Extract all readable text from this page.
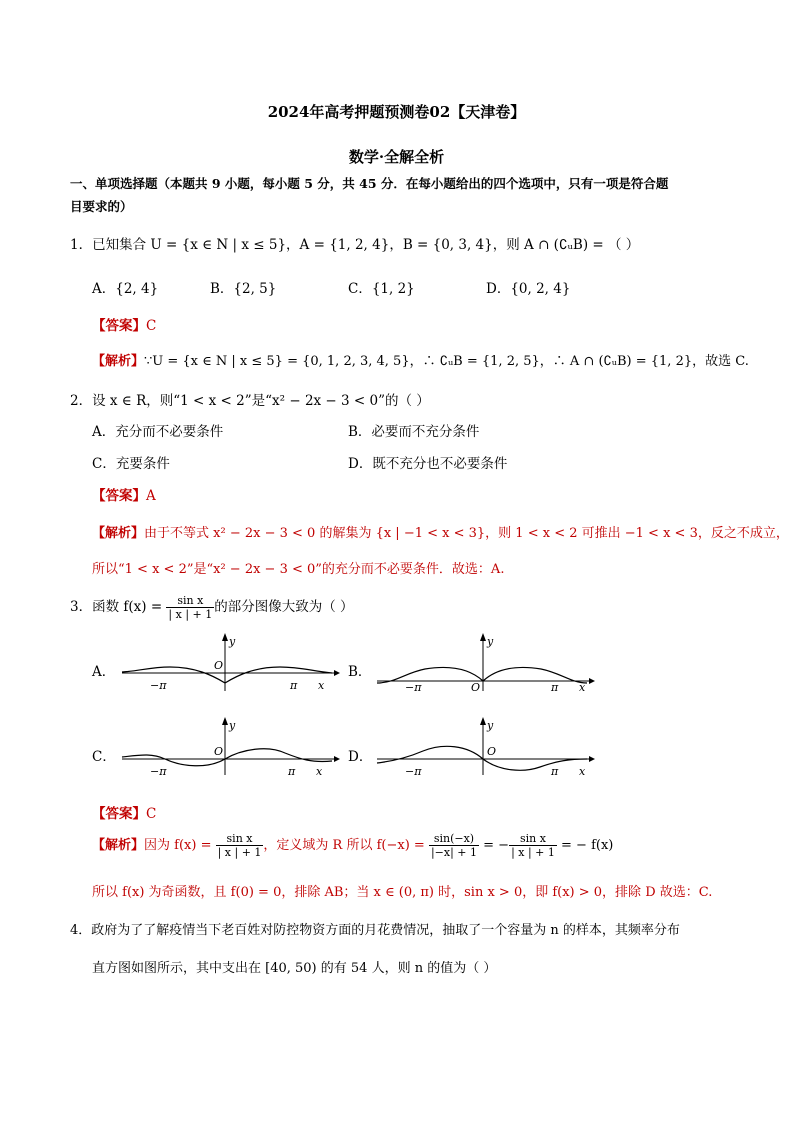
2024年高考押题预测卷02【天津卷】
数学·全解全析
一、单项选择题（本题共 9 小题，每小题 5 分，共 45 分．在每小题给出的四个选项中，只有一项是符合题
目要求的）
1．已知集合 U = {x ∈ N | x ≤ 5}，A = {1, 2, 4}，B = {0, 3, 4}，则 A ∩ (∁ᵤB) = （ ）
A．{2, 4}	B．{2, 5}	C．{1, 2}	D．{0, 2, 4}
【答案】C
【解析】∵U = {x ∈ N | x ≤ 5} = {0, 1, 2, 3, 4, 5}，∴ ∁ᵤB = {1, 2, 5}，∴ A ∩ (∁ᵤB) = {1, 2}，故选 C.
2．设 x ∈ R，则“1 < x < 2”是“x² − 2x − 3 < 0”的（ ）
A．充分而不必要条件	B．必要而不充分条件
C．充要条件	D．既不充分也不必要条件
【答案】A
【解析】由于不等式 x² − 2x − 3 < 0 的解集为 {x | −1 < x < 3}，则 1 < x < 2 可推出 −1 < x < 3，反之不成立，
所以“1 < x < 2”是“x² − 2x − 3 < 0”的充分而不必要条件．故选：A.
3．函数 $f(x) = \frac{\text{sin x}}{| x | + 1}$ 的部分图像大致为（ ）
A．	B．
C．	D．
y
O
−π	π x
y
O
−π	π x
y
O
−π	π x
y
O
−π	π x
【答案】C
【解析】因为 $f(x) = \frac{\text{sin x}}{| x | + 1}$ ，定义域为 R 所以 $f(-x) = \frac{\sin(-x)}{|-x| + 1}$ = − $\frac{\text{sin x}}{| x | + 1}$ = − f(x)
所以 f(x) 为奇函数，且 f(0) = 0，排除 AB；当 x ∈ (0, π) 时，sin x > 0，即 f(x) > 0，排除 D 故选：C.
4．政府为了了解疫情当下老百姓对防控物资方面的月花费情况，抽取了一个容量为 n 的样本，其频率分布
直方图如图所示，其中支出在 [40, 50) 的有 54 人，则 n 的值为（ ）
